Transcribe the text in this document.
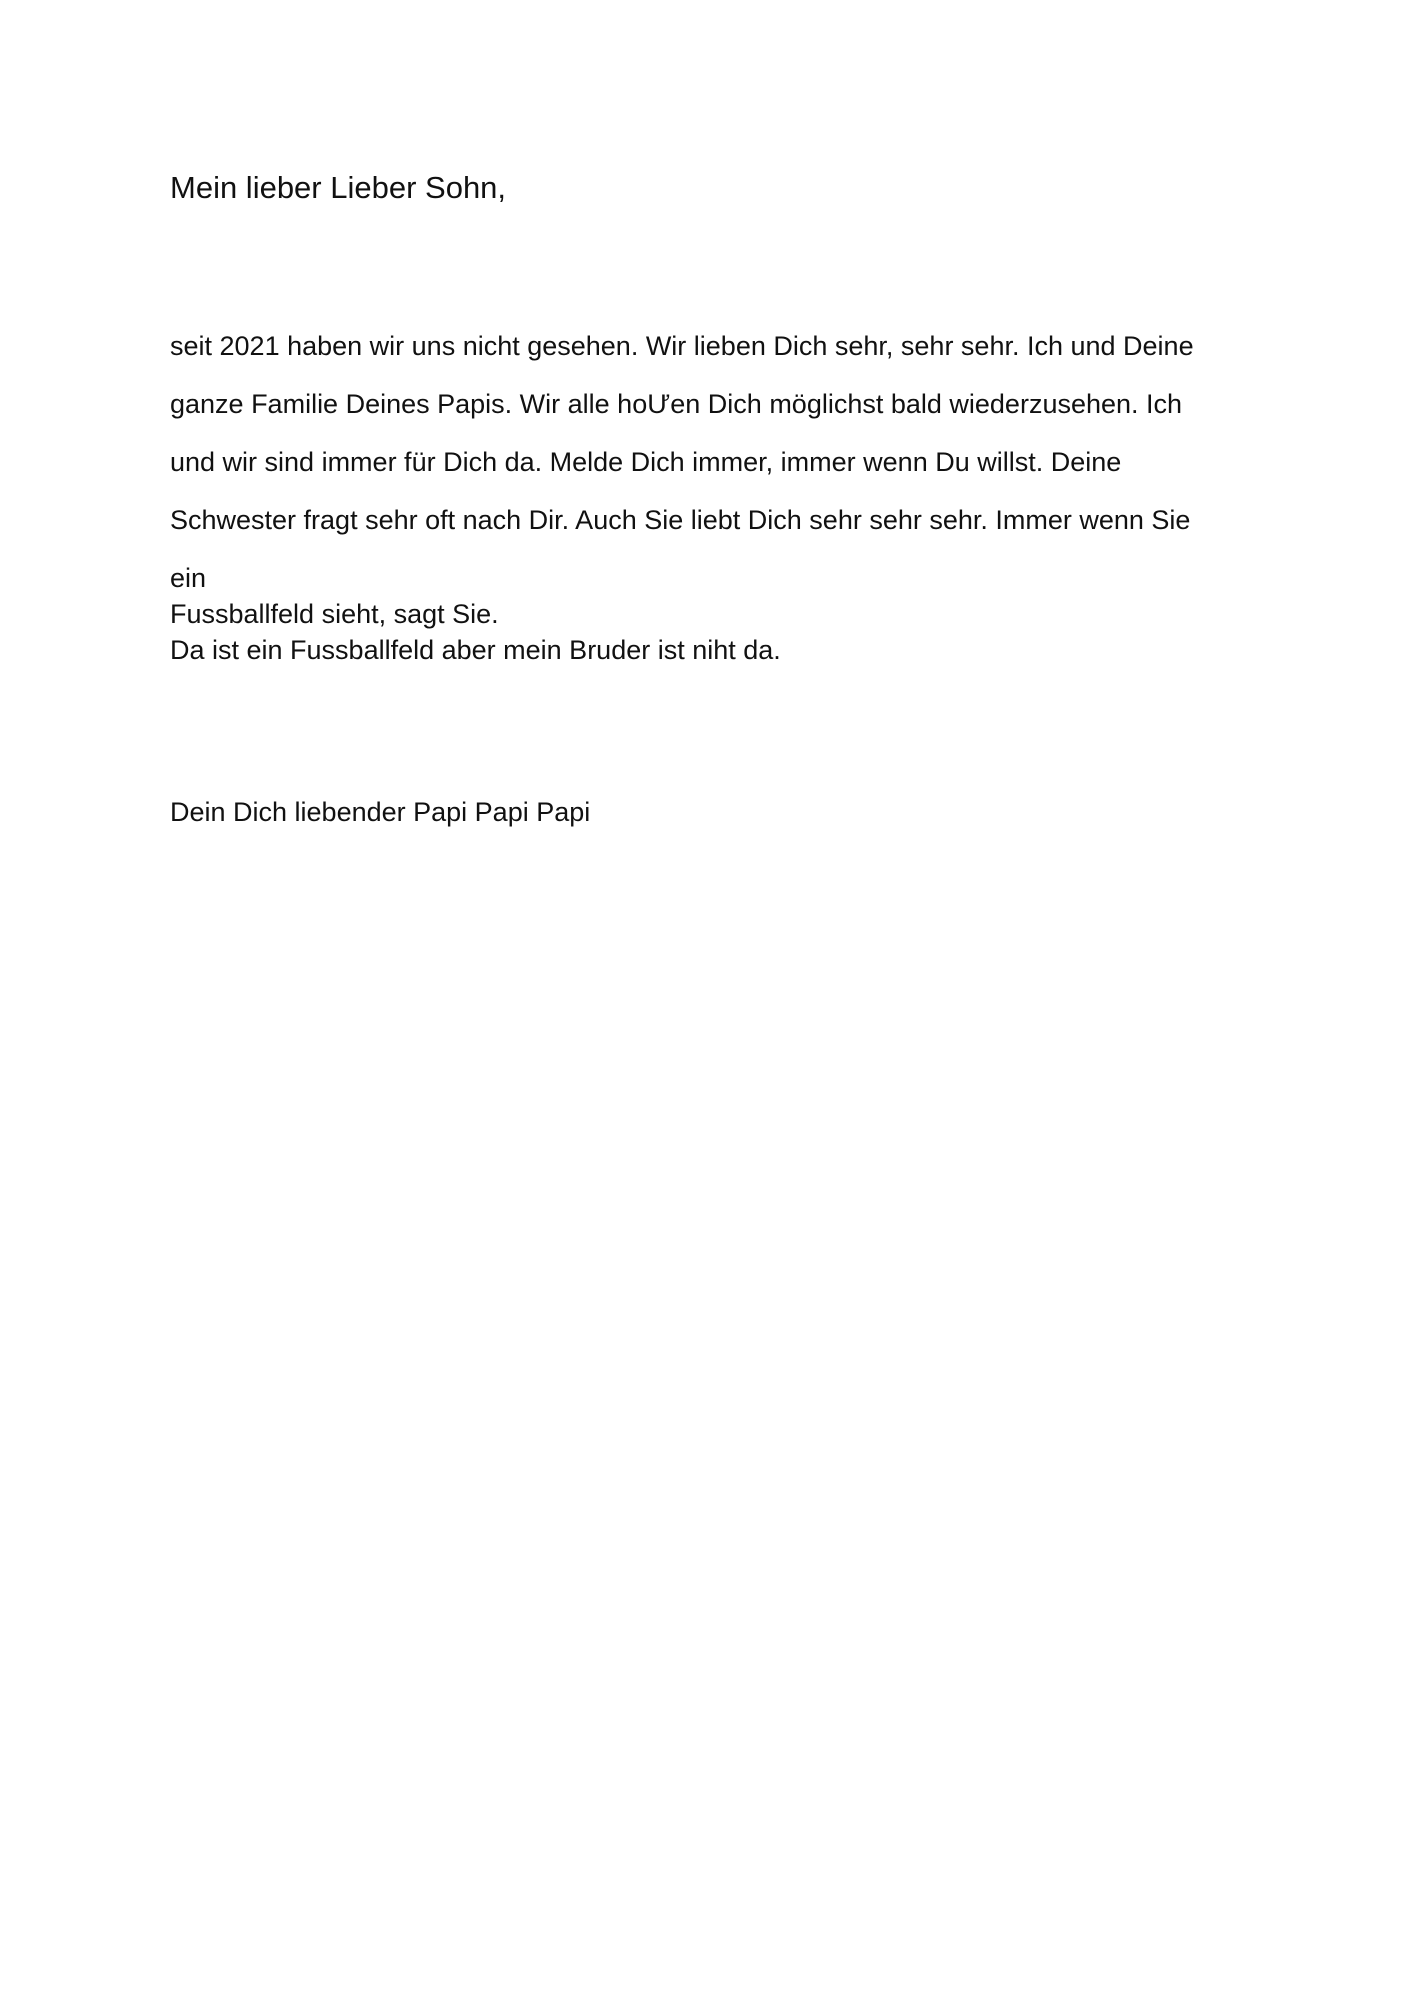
Mein lieber Lieber Sohn,

seit 2021 haben wir uns nicht gesehen. Wir lieben Dich sehr, sehr sehr. Ich und Deine

ganze Familie Deines Papis. Wir alle hoƯen Dich möglichst bald wiederzusehen. Ich

und wir sind immer für Dich da. Melde Dich immer, immer wenn Du willst. Deine

Schwester fragt sehr oft nach Dir. Auch Sie liebt Dich sehr sehr sehr. Immer wenn Sie

ein

Fussballfeld sieht, sagt Sie.

Da ist ein Fussballfeld aber mein Bruder ist niht da.

Dein Dich liebender Papi Papi Papi
